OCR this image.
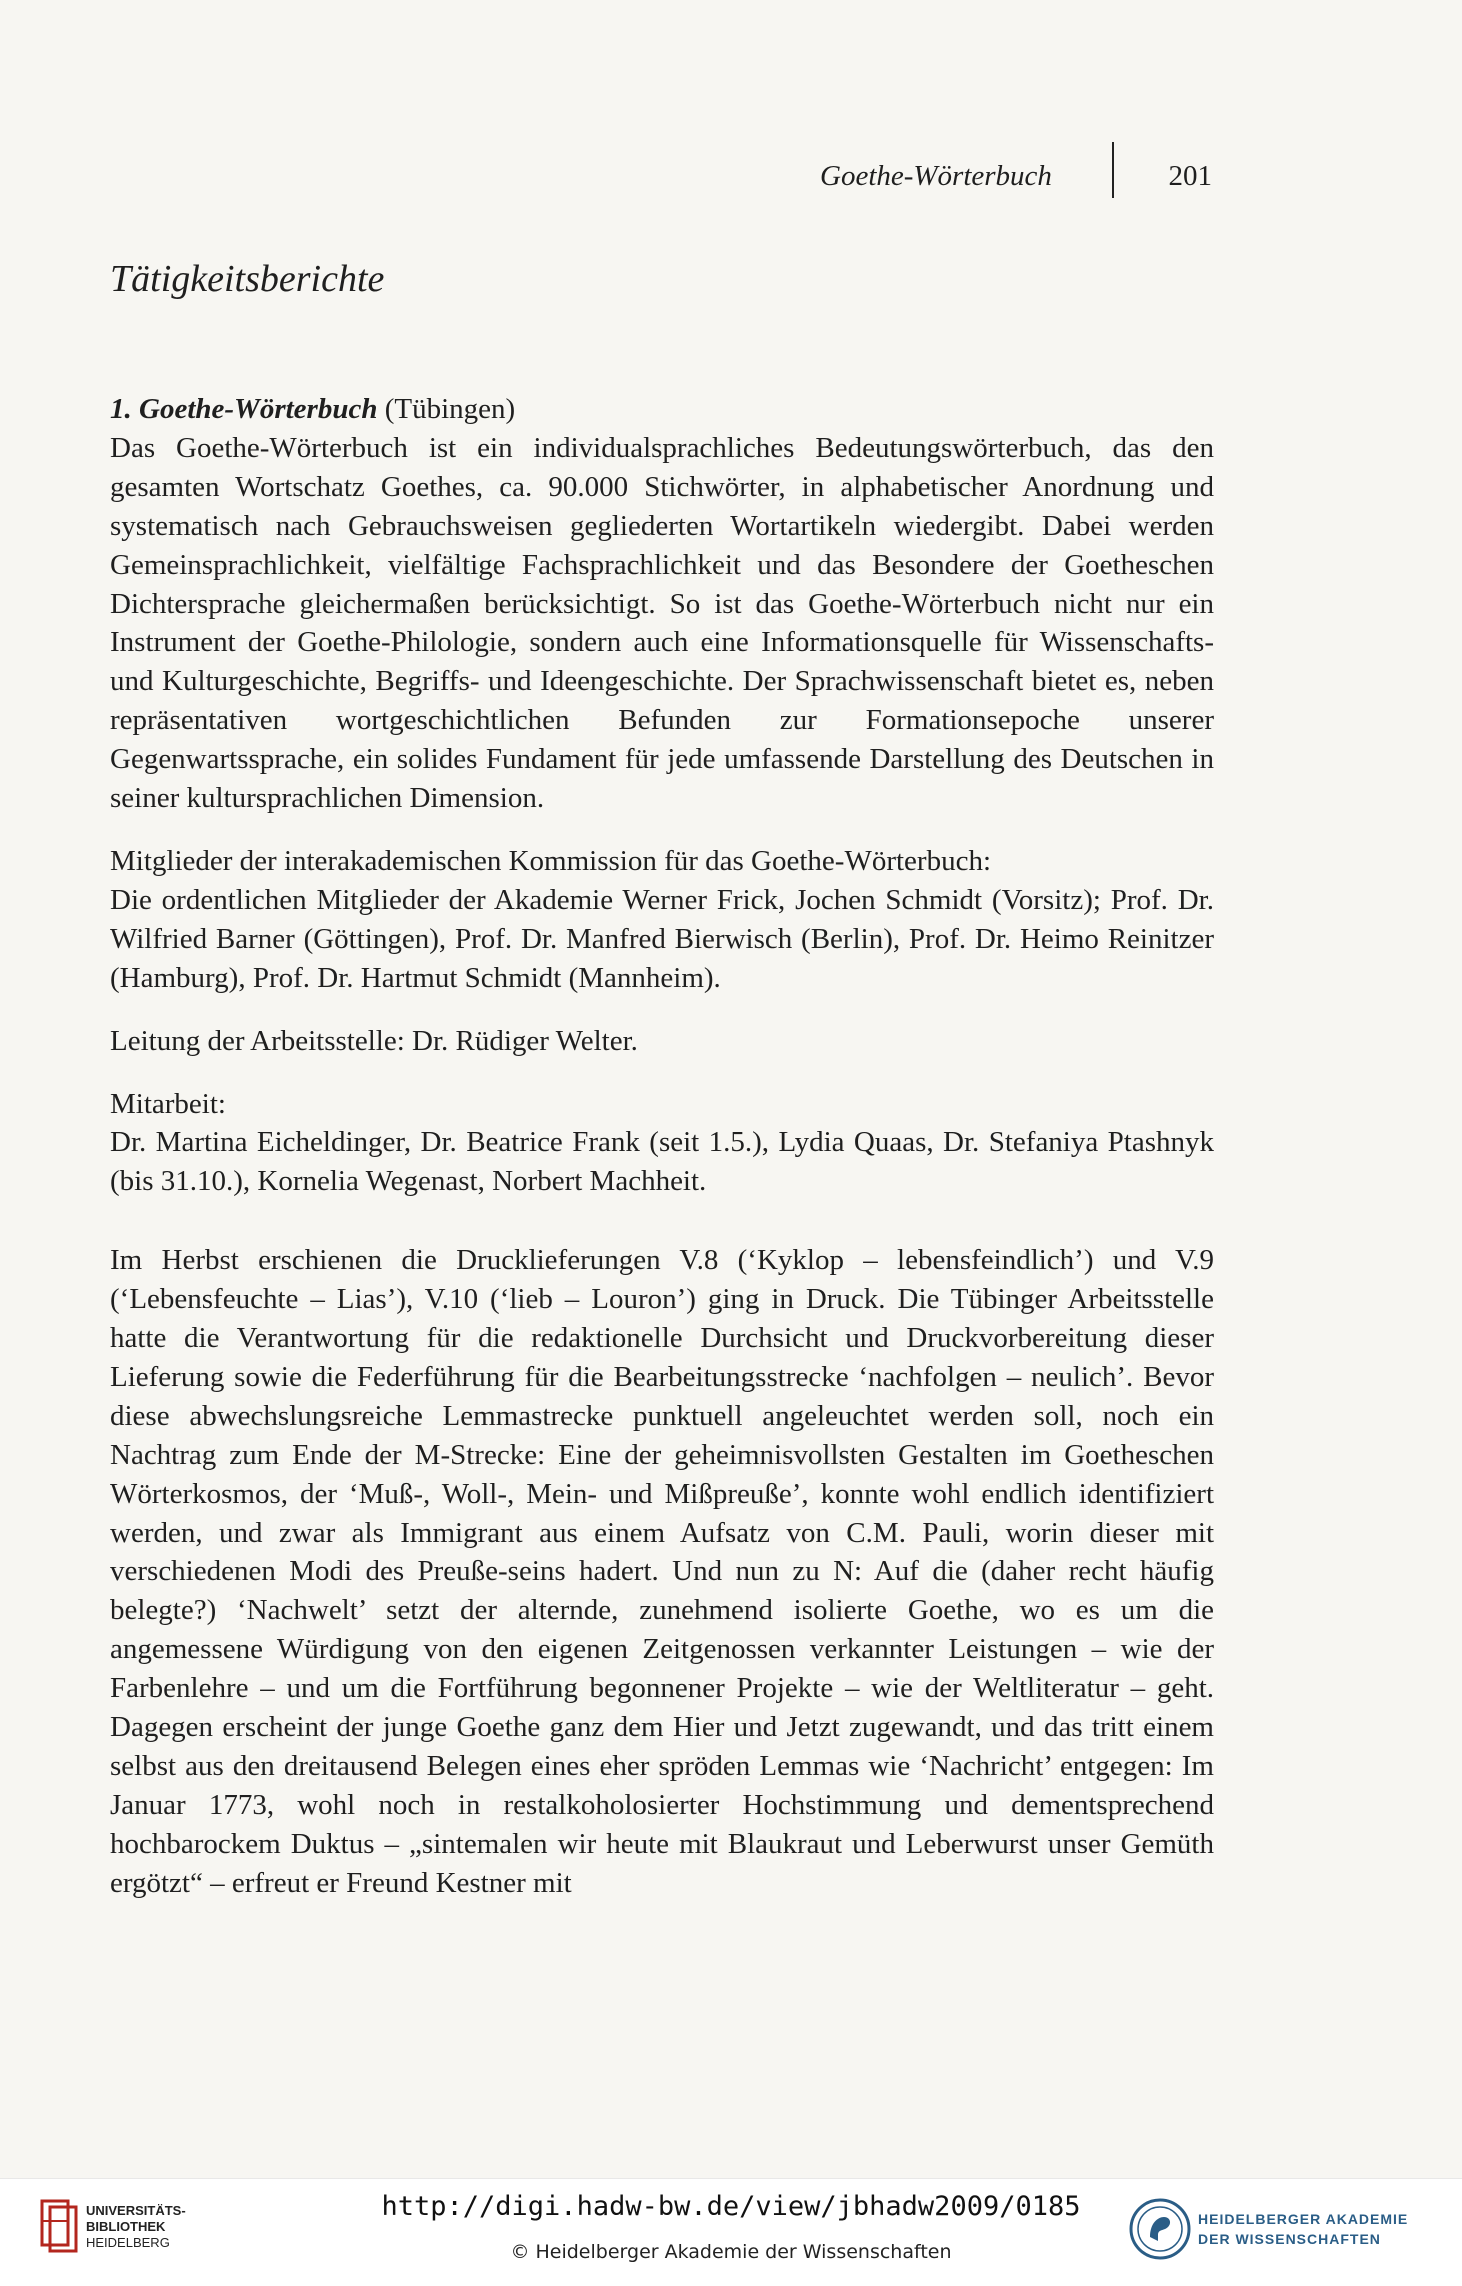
Goethe-Wörterbuch	201
Tätigkeitsberichte

1. Goethe-Wörterbuch (Tübingen)

Das Goethe-Wörterbuch ist ein individualsprachliches Bedeutungswörterbuch, das den gesamten Wortschatz Goethes, ca. 90.000 Stichwörter, in alphabetischer Anordnung und systematisch nach Gebrauchsweisen gegliederten Wortartikeln wiedergibt. Dabei werden Gemeinsprachlichkeit, vielfältige Fachsprachlichkeit und das Besondere der Goetheschen Dichtersprache gleichermaßen berücksichtigt. So ist das Goethe-Wörterbuch nicht nur ein Instrument der Goethe-Philologie, sondern auch eine Informationsquelle für Wissenschafts- und Kulturgeschichte, Begriffs- und Ideengeschichte. Der Sprachwissenschaft bietet es, neben repräsentativen wortgeschichtlichen Befunden zur Formationsepoche unserer Gegenwartssprache, ein solides Fundament für jede umfassende Darstellung des Deutschen in seiner kultursprachlichen Dimension.

Mitglieder der interakademischen Kommission für das Goethe-Wörterbuch:

Die ordentlichen Mitglieder der Akademie Werner Frick, Jochen Schmidt (Vorsitz); Prof. Dr. Wilfried Barner (Göttingen), Prof. Dr. Manfred Bierwisch (Berlin), Prof. Dr. Heimo Reinitzer (Hamburg), Prof. Dr. Hartmut Schmidt (Mannheim).

Leitung der Arbeitsstelle: Dr. Rüdiger Welter.

Mitarbeit:

Dr. Martina Eicheldinger, Dr. Beatrice Frank (seit 1.5.), Lydia Quaas, Dr. Stefaniya Ptashnyk (bis 31.10.), Kornelia Wegenast, Norbert Machheit.

Im Herbst erschienen die Drucklieferungen V.8 (‘Kyklop – lebensfeindlich’) und V.9 (‘Lebensfeuchte – Lias’), V.10 (‘lieb – Louron’) ging in Druck. Die Tübinger Arbeitsstelle hatte die Verantwortung für die redaktionelle Durchsicht und Druckvorbereitung dieser Lieferung sowie die Federführung für die Bearbeitungsstrecke ‘nachfolgen – neulich’. Bevor diese abwechslungsreiche Lemmastrecke punktuell angeleuchtet werden soll, noch ein Nachtrag zum Ende der M-Strecke: Eine der geheimnisvollsten Gestalten im Goetheschen Wörterkosmos, der ‘Muß-, Woll-, Mein- und Mißpreuße’, konnte wohl endlich identifiziert werden, und zwar als Immigrant aus einem Aufsatz von C.M. Pauli, worin dieser mit verschiedenen Modi des Preuße-seins hadert. Und nun zu N: Auf die (daher recht häufig belegte?) ‘Nachwelt’ setzt der alternde, zunehmend isolierte Goethe, wo es um die angemessene Würdigung von den eigenen Zeitgenossen verkannter Leistungen – wie der Farbenlehre – und um die Fortführung begonnener Projekte – wie der Weltliteratur – geht. Dagegen erscheint der junge Goethe ganz dem Hier und Jetzt zugewandt, und das tritt einem selbst aus den dreitausend Belegen eines eher spröden Lemmas wie ‘Nachricht’ entgegen: Im Januar 1773, wohl noch in restalkoholosierter Hochstimmung und dementsprechend hochbarockem Duktus – „sintemalen wir heute mit Blaukraut und Leberwurst unser Gemüth ergötzt“ – erfreut er Freund Kestner mit

UNIVERSITÄTS-
BIBLIOTHEK
HEIDELBERG
http://digi.hadw-bw.de/view/jbhadw2009/0185
© Heidelberger Akademie der Wissenschaften
HEIDELBERGER AKADEMIE
DER WISSENSCHAFTEN
